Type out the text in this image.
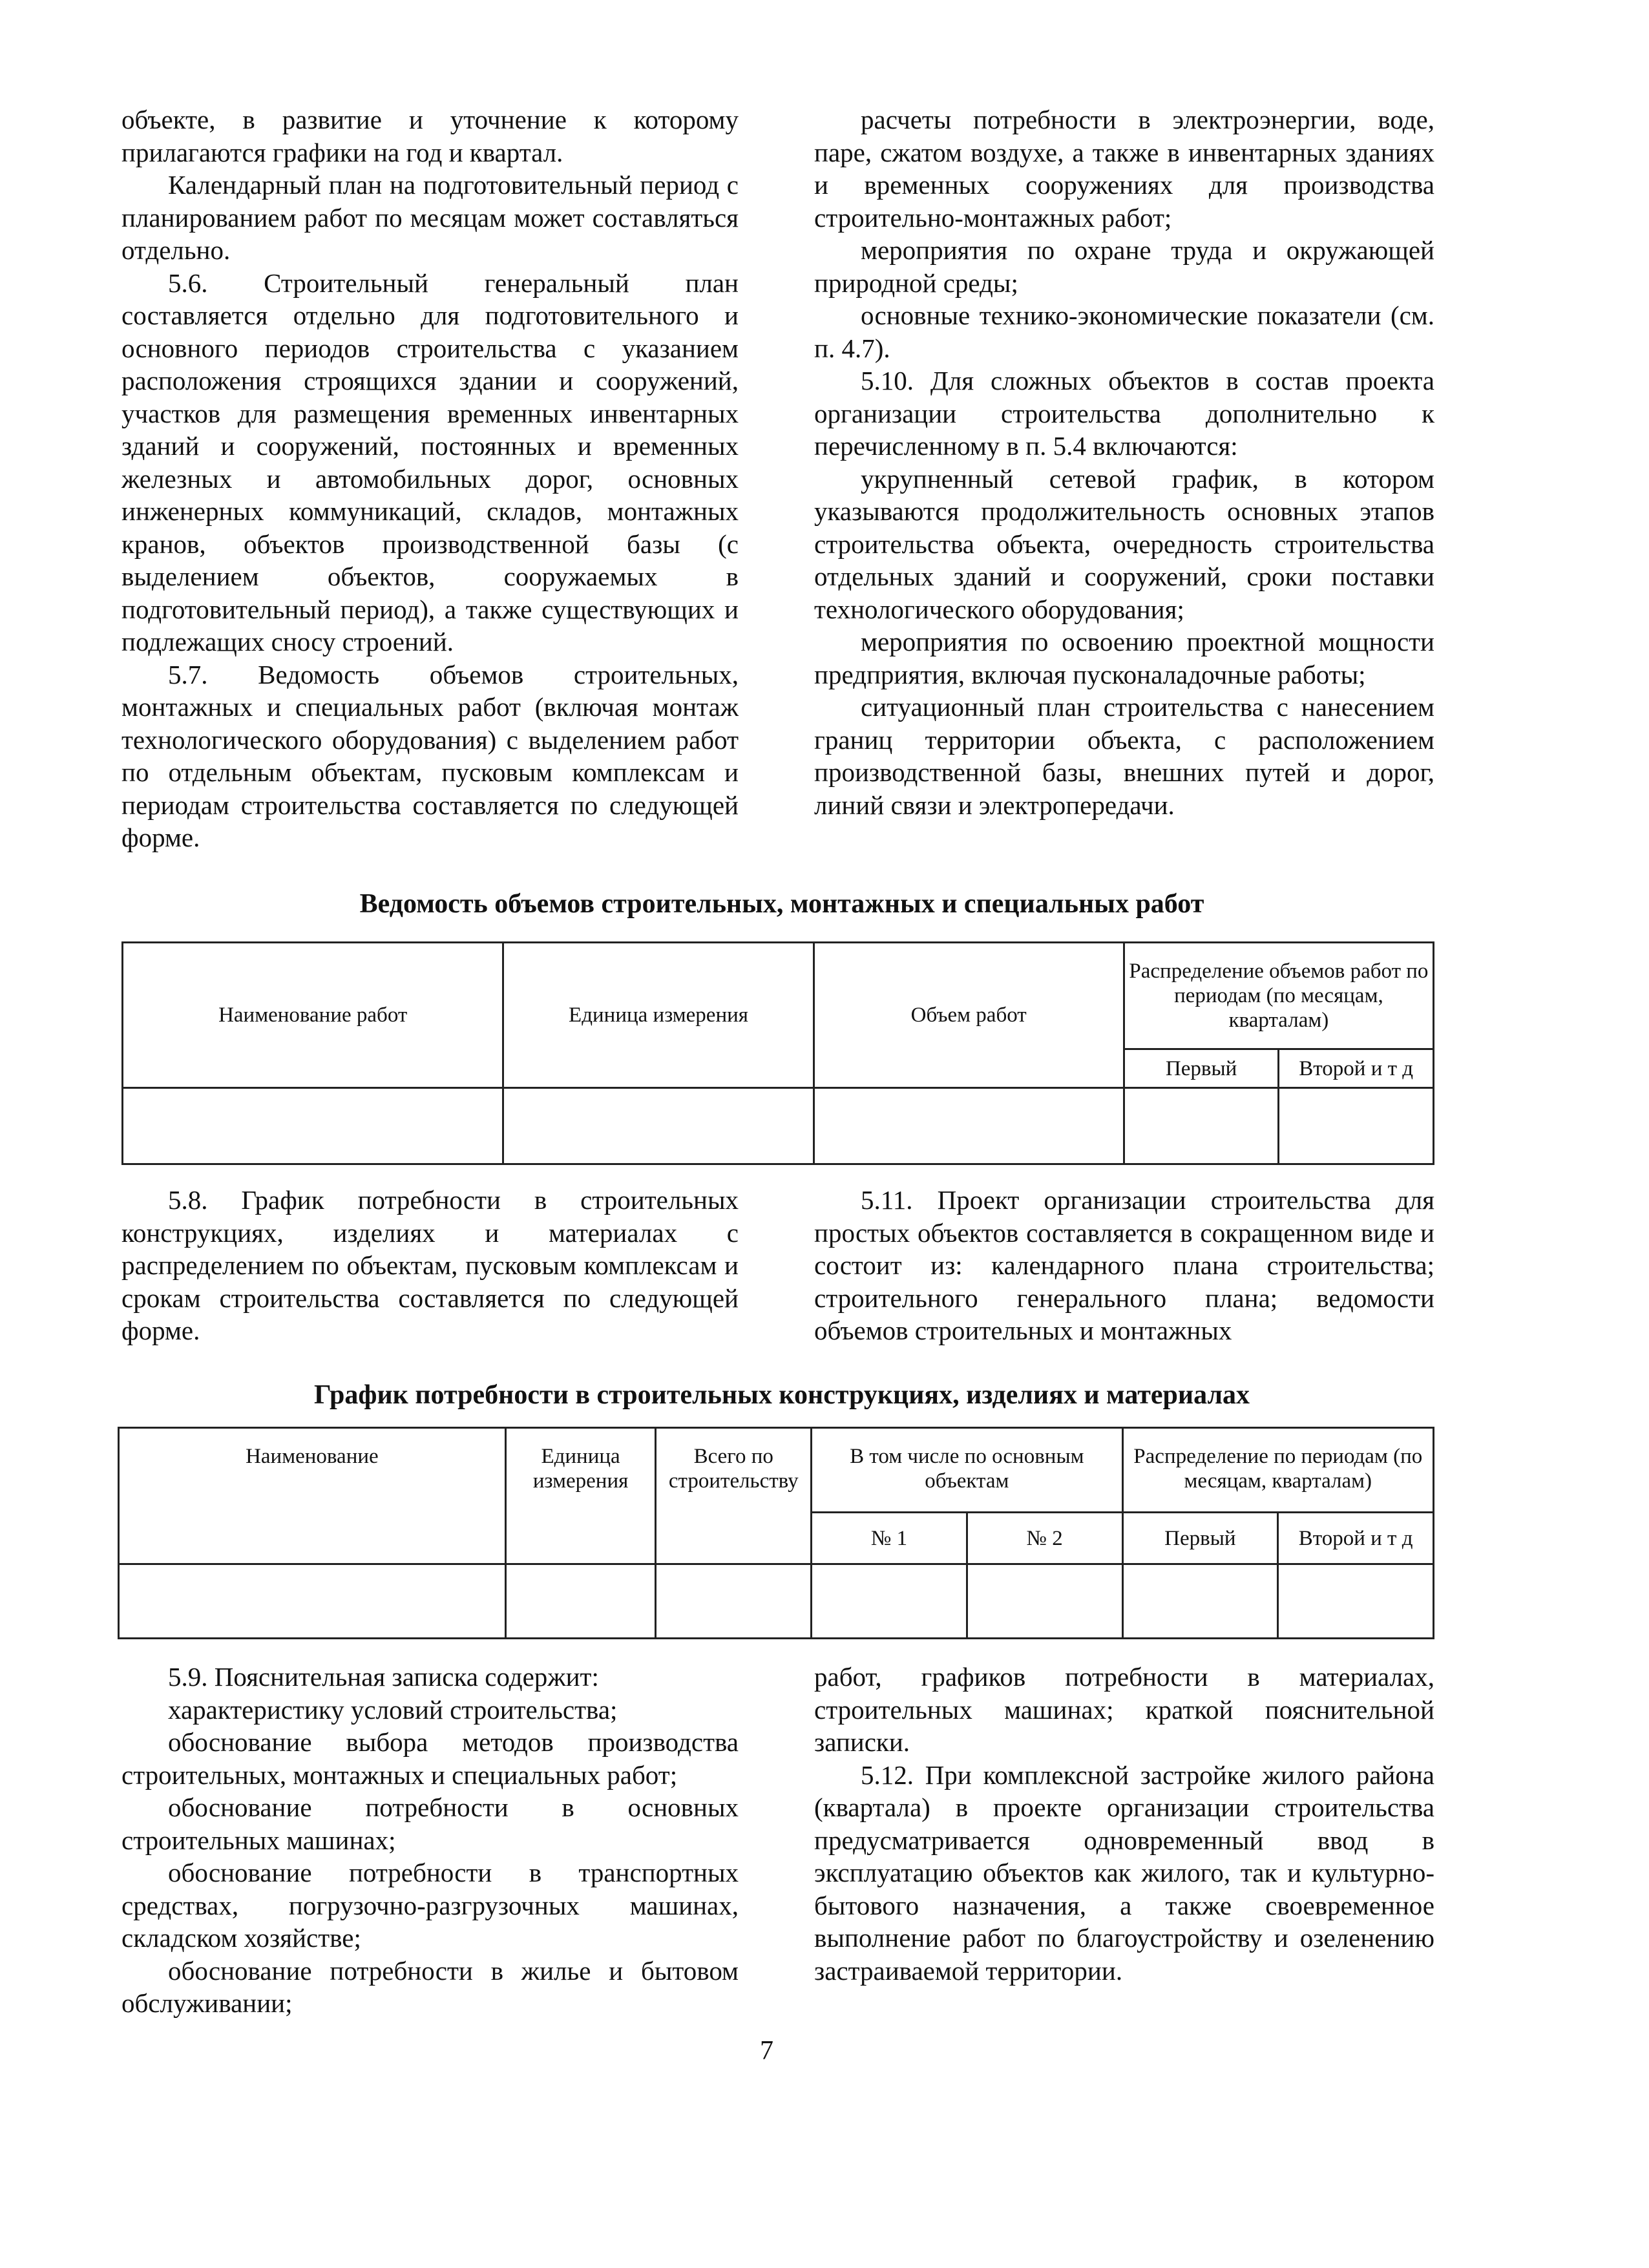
объекте, в развитие и уточнение к которому прилагаются графики на год и квартал.

Календарный план на подготовительный период с планированием работ по месяцам может составляться отдельно.

5.6. Строительный генеральный план составляется отдельно для подготовительного и основного периодов строительства с указанием расположения строящихся здании и сооружений, участков для размещения временных инвентарных зданий и сооружений, постоянных и временных железных и автомобильных дорог, основных инженерных коммуникаций, складов, монтажных кранов, объектов производственной базы (с выделением объектов, сооружаемых в подготовительный период), а также существующих и подлежащих сносу строений.

5.7. Ведомость объемов строительных, монтажных и специальных работ (включая монтаж технологического оборудования) с выделением работ по отдельным объектам, пусковым комплексам и периодам строительства составляется по следующей форме.

расчеты потребности в электроэнергии, воде, паре, сжатом воздухе, а также в инвентарных зданиях и временных сооружениях для производства строительно-монтажных работ;

мероприятия по охране труда и окружающей природной среды;

основные технико-экономические показатели (см. п. 4.7).

5.10. Для сложных объектов в состав проекта организации строительства дополнительно к перечисленному в п. 5.4 включаются:

укрупненный сетевой график, в котором указываются продолжительность основных этапов строительства объекта, очередность строительства отдельных зданий и сооружений, сроки поставки технологического оборудования;

мероприятия по освоению проектной мощности предприятия, включая пусконаладочные работы;

ситуационный план строительства с нанесением границ территории объекта, с расположением производственной базы, внешних путей и дорог, линий связи и электропередачи.

Ведомость объемов строительных, монтажных и специальных работ
Наименование работ	Единица измерения	Объем работ	Распределение объемов работ по периодам (по месяцам, кварталам)	
			Первый	Второй и т д

5.8. График потребности в строительных конструкциях, изделиях и материалах с распределением по объектам, пусковым комплексам и срокам строительства составляется по следующей форме.

5.11. Проект организации строительства для простых объектов составляется в сокращенном виде и состоит из: календарного плана строительства; строительного генерального плана; ведомости объемов строительных и монтажных

График потребности в строительных конструкциях, изделиях и материалах
Наименование	Единица измерения	Всего по строительству	В том числе по основным объектам		Распределение по периодам (по месяцам, кварталам)	
			№ 1	№ 2	Первый	Второй и т д

5.9. Пояснительная записка содержит:

характеристику условий строительства;

обоснование выбора методов производства строительных, монтажных и специальных работ;

обоснование потребности в основных строительных машинах;

обоснование потребности в транспортных средствах, погрузочно-разгрузочных машинах, складском хозяйстве;

обоснование потребности в жилье и бытовом обслуживании;

работ, графиков потребности в материалах, строительных машинах; краткой пояснительной записки.

5.12. При комплексной застройке жилого района (квартала) в проекте организации строительства предусматривается одновременный ввод в эксплуатацию объектов как жилого, так и культурно-бытового назначения, а также своевременное выполнение работ по благоустройству и озеленению застраиваемой территории.

7
